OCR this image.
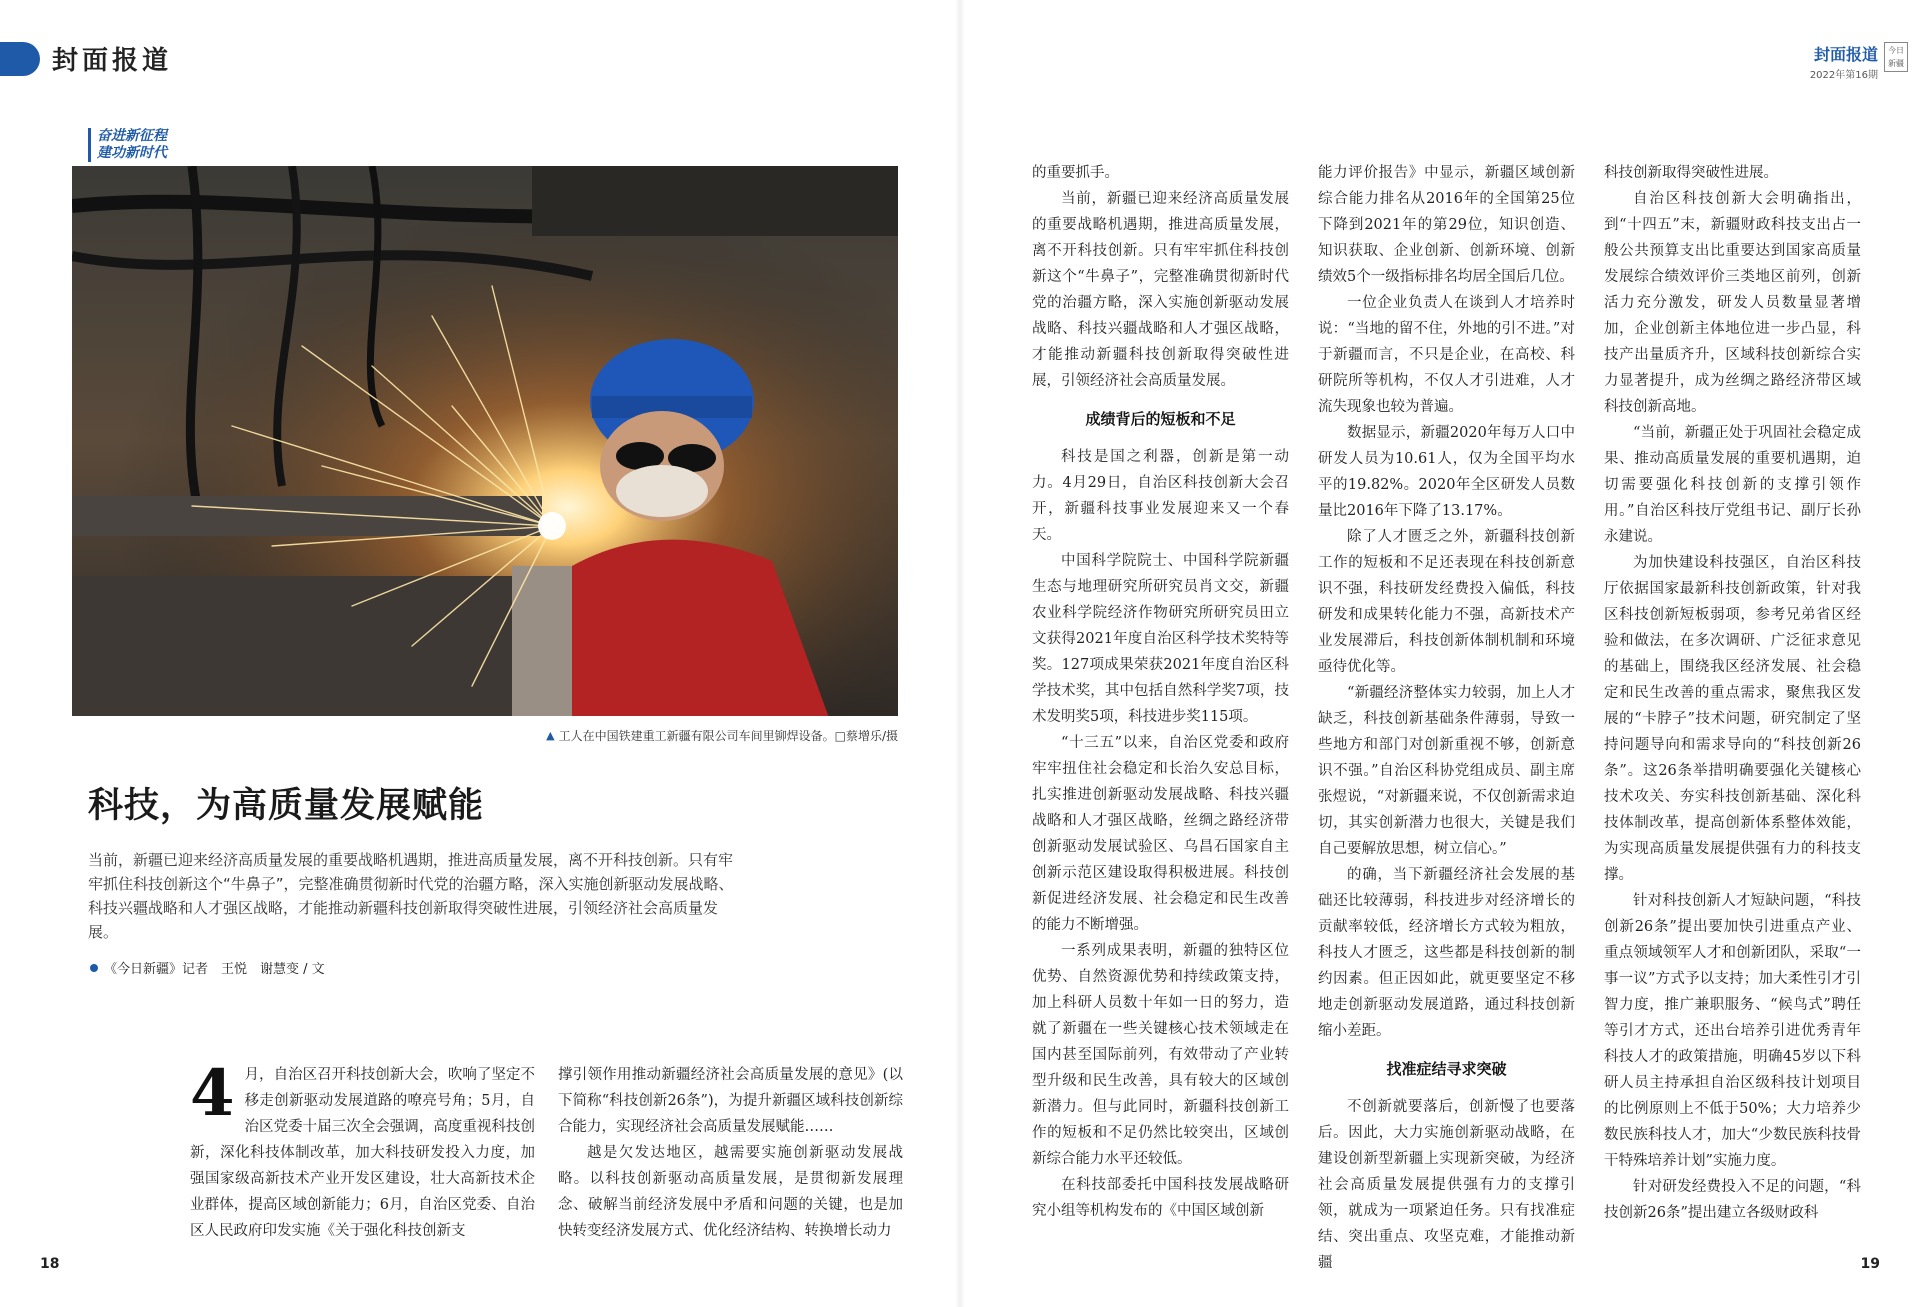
封面报道
奋进新征程
建功新时代
▲ 工人在中国铁建重工新疆有限公司车间里铆焊设备。□蔡增乐/摄
科技，为高质量发展赋能

当前，新疆已迎来经济高质量发展的重要战略机遇期，推进高质量发展，离不开科技创新。只有牢牢抓住科技创新这个“牛鼻子”，完整准确贯彻新时代党的治疆方略，深入实施创新驱动发展战略、科技兴疆战略和人才强区战略，才能推动新疆科技创新取得突破性进展，引领经济社会高质量发展。

《今日新疆》记者　王悦　谢慧变 / 文

4 月，自治区召开科技创新大会，吹响了坚定不移走创新驱动发展道路的嘹亮号角；5月，自治区党委十届三次全会强调，高度重视科技创新，深化科技体制改革，加大科技研发投入力度，加强国家级高新技术产业开发区建设，壮大高新技术企业群体，提高区域创新能力；6月，自治区党委、自治区人民政府印发实施《关于强化科技创新支

撑引领作用推动新疆经济社会高质量发展的意见》(以下简称“科技创新26条”)，为提升新疆区域科技创新综合能力，实现经济社会高质量发展赋能……

越是欠发达地区，越需要实施创新驱动发展战略。以科技创新驱动高质量发展，是贯彻新发展理念、破解当前经济发展中矛盾和问题的关键，也是加快转变经济发展方式、优化经济结构、转换增长动力

18
封面报道
2022年第16期
今日新疆
19

的重要抓手。

当前，新疆已迎来经济高质量发展的重要战略机遇期，推进高质量发展，离不开科技创新。只有牢牢抓住科技创新这个“牛鼻子”，完整准确贯彻新时代党的治疆方略，深入实施创新驱动发展战略、科技兴疆战略和人才强区战略，才能推动新疆科技创新取得突破性进展，引领经济社会高质量发展。

成绩背后的短板和不足

科技是国之利器，创新是第一动力。4月29日，自治区科技创新大会召开，新疆科技事业发展迎来又一个春天。

中国科学院院士、中国科学院新疆生态与地理研究所研究员肖文交，新疆农业科学院经济作物研究所研究员田立文获得2021年度自治区科学技术奖特等奖。127项成果荣获2021年度自治区科学技术奖，其中包括自然科学奖7项，技术发明奖5项，科技进步奖115项。

“十三五”以来，自治区党委和政府牢牢扭住社会稳定和长治久安总目标，扎实推进创新驱动发展战略、科技兴疆战略和人才强区战略，丝绸之路经济带创新驱动发展试验区、乌昌石国家自主创新示范区建设取得积极进展。科技创新促进经济发展、社会稳定和民生改善的能力不断增强。

一系列成果表明，新疆的独特区位优势、自然资源优势和持续政策支持，加上科研人员数十年如一日的努力，造就了新疆在一些关键核心技术领域走在国内甚至国际前列，有效带动了产业转型升级和民生改善，具有较大的区域创新潜力。但与此同时，新疆科技创新工作的短板和不足仍然比较突出，区域创新综合能力水平还较低。

在科技部委托中国科技发展战略研究小组等机构发布的《中国区域创新

能力评价报告》中显示，新疆区域创新综合能力排名从2016年的全国第25位下降到2021年的第29位，知识创造、知识获取、企业创新、创新环境、创新绩效5个一级指标排名均居全国后几位。

一位企业负责人在谈到人才培养时说：“当地的留不住，外地的引不进。”对于新疆而言，不只是企业，在高校、科研院所等机构，不仅人才引进难，人才流失现象也较为普遍。

数据显示，新疆2020年每万人口中研发人员为10.61人，仅为全国平均水平的19.82%。2020年全区研发人员数量比2016年下降了13.17%。

除了人才匮乏之外，新疆科技创新工作的短板和不足还表现在科技创新意识不强，科技研发经费投入偏低，科技研发和成果转化能力不强，高新技术产业发展滞后，科技创新体制机制和环境亟待优化等。

“新疆经济整体实力较弱，加上人才缺乏，科技创新基础条件薄弱，导致一些地方和部门对创新重视不够，创新意识不强。”自治区科协党组成员、副主席张煜说，“对新疆来说，不仅创新需求迫切，其实创新潜力也很大，关键是我们自己要解放思想，树立信心。”

的确，当下新疆经济社会发展的基础还比较薄弱，科技进步对经济增长的贡献率较低，经济增长方式较为粗放，科技人才匮乏，这些都是科技创新的制约因素。但正因如此，就更要坚定不移地走创新驱动发展道路，通过科技创新缩小差距。

找准症结寻求突破

不创新就要落后，创新慢了也要落后。因此，大力实施创新驱动战略，在建设创新型新疆上实现新突破，为经济社会高质量发展提供强有力的支撑引领，就成为一项紧迫任务。只有找准症结、突出重点、攻坚克难，才能推动新疆

科技创新取得突破性进展。

自治区科技创新大会明确指出，到“十四五”末，新疆财政科技支出占一般公共预算支出比重要达到国家高质量发展综合绩效评价三类地区前列，创新活力充分激发，研发人员数量显著增加，企业创新主体地位进一步凸显，科技产出量质齐升，区域科技创新综合实力显著提升，成为丝绸之路经济带区域科技创新高地。

“当前，新疆正处于巩固社会稳定成果、推动高质量发展的重要机遇期，迫切需要强化科技创新的支撑引领作用。”自治区科技厅党组书记、副厅长孙永建说。

为加快建设科技强区，自治区科技厅依据国家最新科技创新政策，针对我区科技创新短板弱项，参考兄弟省区经验和做法，在多次调研、广泛征求意见的基础上，围绕我区经济发展、社会稳定和民生改善的重点需求，聚焦我区发展的“卡脖子”技术问题，研究制定了坚持问题导向和需求导向的“科技创新26条”。这26条举措明确要强化关键核心技术攻关、夯实科技创新基础、深化科技体制改革，提高创新体系整体效能，为实现高质量发展提供强有力的科技支撑。

针对科技创新人才短缺问题，“科技创新26条”提出要加快引进重点产业、重点领域领军人才和创新团队，采取“一事一议”方式予以支持；加大柔性引才引智力度，推广兼职服务、“候鸟式”聘任等引才方式，还出台培养引进优秀青年科技人才的政策措施，明确45岁以下科研人员主持承担自治区级科技计划项目的比例原则上不低于50%；大力培养少数民族科技人才，加大“少数民族科技骨干特殊培养计划”实施力度。

针对研发经费投入不足的问题，“科技创新26条”提出建立各级财政科
